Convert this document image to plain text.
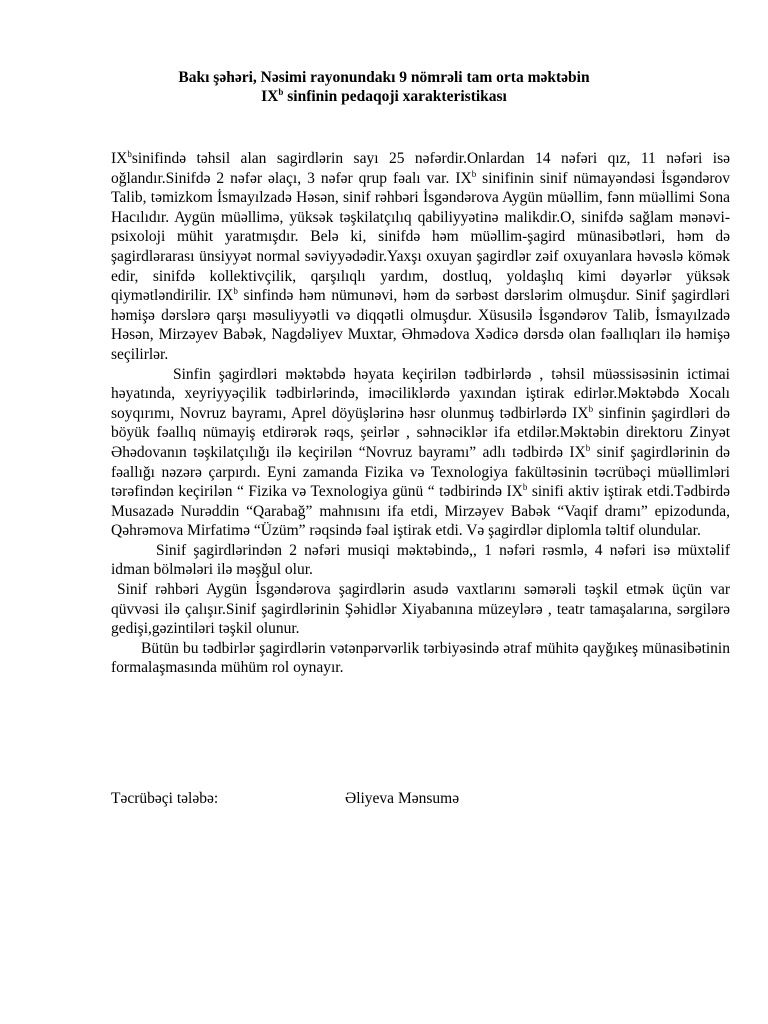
Bakı şəhəri, Nəsimi rayonundakı 9 nömrəli tam orta məktəbin
$IX^b$ sinfinin pedaqoji xarakteristikası

$IX^bsinifində$ təhsil alan sagirdlərin sayı 25 nəfərdir.Onlardan 14 nəfəri qız, 11 nəfəri isə oğlandır.Sinifdə 2 nəfər əlaçı, 3 nəfər qrup fəalı var. $IX^b$ sinifinin sinif nümayəndəsi İsgəndərov Talib, təmizkom İsmayılzadə Həsən, sinif rəhbəri İsgəndərova Aygün müəllim, fənn müəllimi Sona Hacılıdır. Aygün müəllimə, yüksək təşkilatçılıq qabiliyyətinə malikdir.O, sinifdə sağlam mənəvi-psixoloji mühit yaratmışdır. Belə ki, sinifdə həm müəllim-şagird münasibətləri, həm də şagirdlərarası ünsiyyət normal səviyyədədir.Yaxşı oxuyan şagirdlər zəif oxuyanlara həvəslə kömək edir, sinifdə kollektivçilik, qarşılıqlı yardım, dostluq, yoldaşlıq kimi dəyərlər yüksək qiymətləndirilir. $IX^b$ sinfində həm nümunəvi, həm də sərbəst dərslərim olmuşdur. Sinif şagirdləri həmişə dərslərə qarşı məsuliyyətli və diqqətli olmuşdur. Xüsusilə İsgəndərov Talib, İsmayılzadə Həsən, Mirzəyev Babək, Nagdəliyev Muxtar, Əhmədova Xədicə dərsdə olan fəallıqları ilə həmişə seçilirlər.

Sinfin şagirdləri məktəbdə həyata keçirilən tədbirlərdə , təhsil müəssisəsinin ictimai həyatında, xeyriyyəçilik tədbirlərində, iməciliklərdə yaxından iştirak edirlər.Məktəbdə Xocalı soyqırımı, Novruz bayramı, Aprel döyüşlərinə həsr olunmuş tədbirlərdə $IX^b$ sinfinin şagirdləri də böyük fəallıq nümayiş etdirərək rəqs, şeirlər , səhnəciklər ifa etdilər.Məktəbin direktoru Zinyət Əhədovanın təşkilatçılığı ilə keçirilən “Novruz bayramı” adlı tədbirdə $IX^b$ sinif şagirdlərinin də fəallığı nəzərə çarpırdı. Eyni zamanda Fizika və Texnologiya fakültəsinin təcrübəçi müəllimləri tərəfindən keçirilən “ Fizika və Texnologiya günü “ tədbirində $IX^b$ sinifi aktiv iştirak etdi.Tədbirdə Musazadə Nurəddin “Qarabağ” mahnısını ifa etdi, Mirzəyev Babək “Vaqif dramı” epizodunda, Qəhrəmova Mirfatimə “Üzüm” rəqsində fəal iştirak etdi. Və şagirdlər diplomla təltif olundular.

Sinif şagirdlərindən 2 nəfəri musiqi məktəbində,, 1 nəfəri rəsmlə, 4 nəfəri isə müxtəlif idman bölmələri ilə məşğul olur.

Sinif rəhbəri Aygün İsgəndərova şagirdlərin asudə vaxtlarını səmərəli təşkil etmək üçün var qüvvəsi ilə çalışır.Sinif şagirdlərinin Şəhidlər Xiyabanına müzeylərə , teatr tamaşalarına, sərgilərə gedişi,gəzintiləri təşkil olunur.

Bütün bu tədbirlər şagirdlərin vətənpərvərlik tərbiyəsində ətraf mühitə qayğıkeş münasibətinin formalaşmasında mühüm rol oynayır.

Təcrübəçi tələbə:	Əliyeva Mənsumə
